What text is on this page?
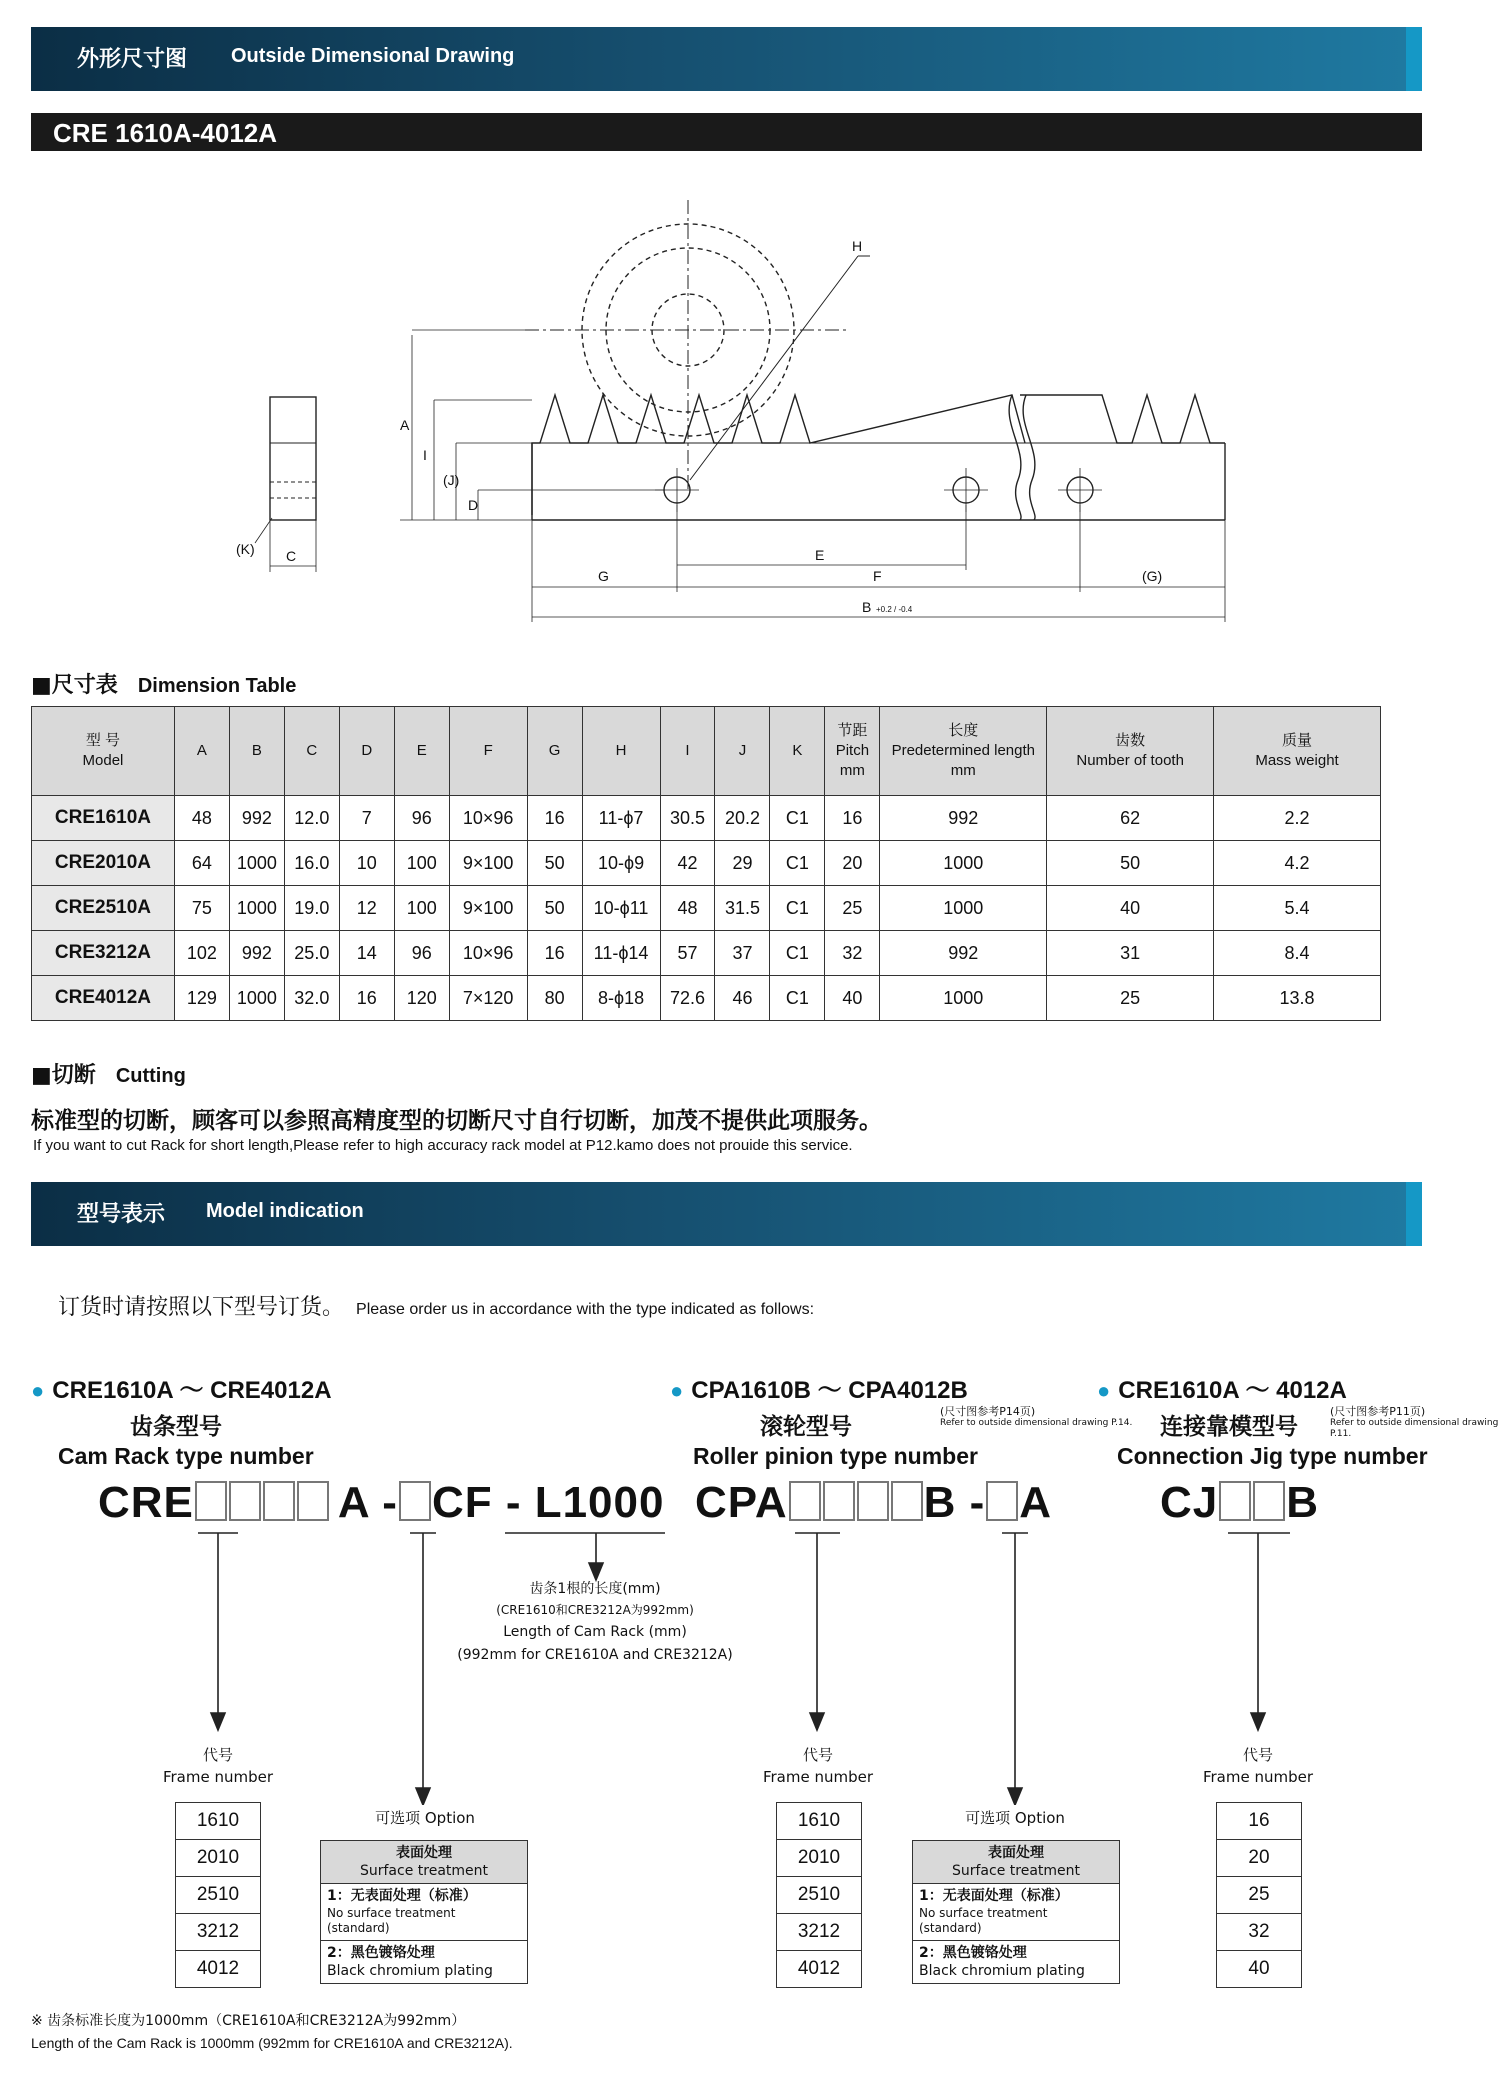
外形尺寸图 Outside Dimensional Drawing
CRE 1610A-4012A
A
I
(J)
D
C
(K)
H
G
E
F	(G)
B +0.2 / -0.4
■尺寸表 Dimension Table
型 号
Model	A	B	C	D	E	F	G	H	I	J	K	节距
Pitch
mm	长度
Predetermined length
mm	齿数
Number of tooth	质量
Mass weight
CRE1610A	48	992	12.0	7	96	10×96	16	11-ϕ7	30.5	20.2	C1	16	992	62	2.2
CRE2010A	64	1000	16.0	10	100	9×100	50	10-ϕ9	42	29	C1	20	1000	50	4.2
CRE2510A	75	1000	19.0	12	100	9×100	50	10-ϕ11	48	31.5	C1	25	1000	40	5.4
CRE3212A	102	992	25.0	14	96	10×96	16	11-ϕ14	57	37	C1	32	992	31	8.4
CRE4012A	129	1000	32.0	16	120	7×120	80	8-ϕ18	72.6	46	C1	40	1000	25	13.8
■切断 Cutting
标准型的切断，顾客可以参照高精度型的切断尺寸自行切断，加茂不提供此项服务。
If you want to cut Rack for short length,Please refer to high accuracy rack model at P12.kamo does not prouide this service.
型号表示 Model indication
订货时请按照以下型号订货。 Please order us in accordance with the type indicated as follows:
● CRE1610A ～ CRE4012A
齿条型号
Cam Rack type number
CRE	A - CF - L1000
● CPA1610B ～ CPA4012B
滚轮型号
(尺寸图参考P14页)
Refer to outside dimensional drawing P.14.
Roller pinion type number
CPA	B - A
● CRE1610A ～ 4012A
连接靠模型号
(尺寸图参考P11页)
Refer to outside dimensional drawing P.11.
Connection Jig type number
CJ B
齿条1根的长度(mm)
(CRE1610和CRE3212A为992mm)
Length of Cam Rack (mm)
(992mm for CRE1610A and CRE3212A)
代号
Frame number
1610
2010
2510
3212
4012
代号
Frame number
1610
2010
2510
3212
4012
代号
Frame number
16
20
25
32
40
可选项 Option
表面处理
Surface treatment
1：无表面处理（标准）
No surface treatment (standard)
2：黑色镀铬处理
Black chromium plating
可选项 Option
表面处理
Surface treatment
1：无表面处理（标准）
No surface treatment (standard)
2：黑色镀铬处理
Black chromium plating
※ 齿条标准长度为1000mm（CRE1610A和CRE3212A为992mm）
Length of the Cam Rack is 1000mm (992mm for CRE1610A and CRE3212A).
